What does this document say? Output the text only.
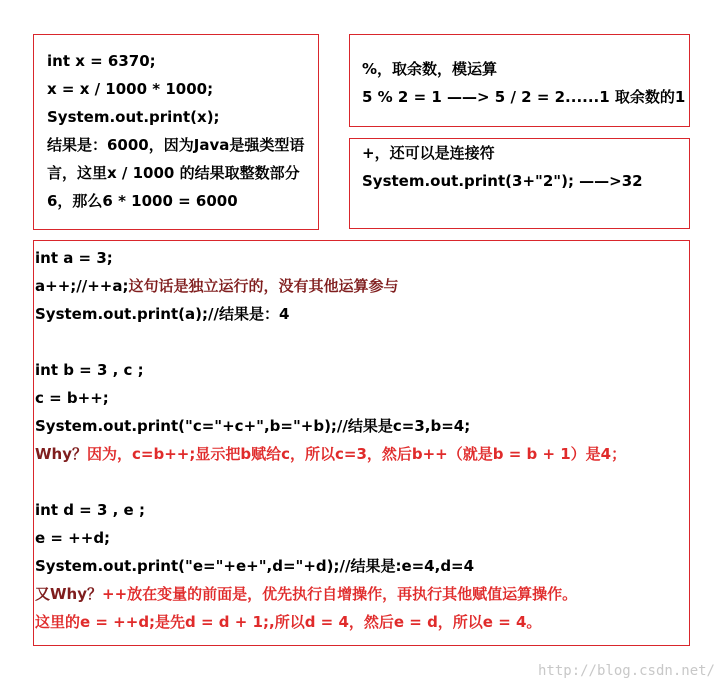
int x = 6370;
x = x / 1000 * 1000;
System.out.print(x);
结果是：6000，因为Java是强类型语
言，这里x / 1000 的结果取整数部分
6，那么6 * 1000 = 6000
%，取余数，模运算
5 % 2 = 1 ——> 5 / 2 = 2......1 取余数的1
+，还可以是连接符
System.out.print(3+"2"); ——>32
int a = 3;
a++;//++a;这句话是独立运行的，没有其他运算参与
System.out.print(a);//结果是：4
int b = 3 , c ;
c = b++;
System.out.print("c="+c+",b="+b);//结果是c=3,b=4;
Why？因为，c=b++;显示把b赋给c，所以c=3，然后b++（就是b = b + 1）是4；
int d = 3 , e ;
e = ++d;
System.out.print("e="+e+",d="+d);//结果是:e=4,d=4
又Why？++放在变量的前面是，优先执行自增操作，再执行其他赋值运算操作。
这里的e = ++d;是先d = d + 1;,所以d = 4，然后e = d，所以e = 4。
http://blog.csdn.net/
